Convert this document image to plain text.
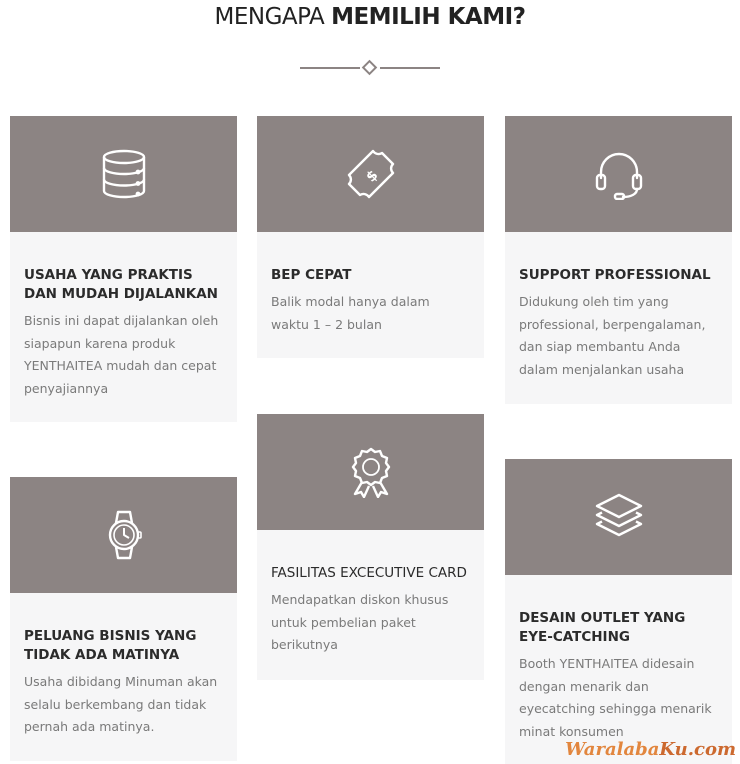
MENGAPA MEMILIH KAMI?
USAHA YANG PRAKTIS DAN MUDAH DIJALANKAN
Bisnis ini dapat dijalankan oleh siapapun karena produk YENTHAITEA mudah dan cepat penyajiannya
$
BEP CEPAT
Balik modal hanya dalam waktu 1 – 2 bulan
SUPPORT PROFESSIONAL
Didukung oleh tim yang professional, berpengalaman, dan siap membantu Anda dalam menjalankan usaha
PELUANG BISNIS YANG TIDAK ADA MATINYA
Usaha dibidang Minuman akan selalu berkembang dan tidak pernah ada matinya.
FASILITAS EXCECUTIVE CARD
Mendapatkan diskon khusus untuk pembelian paket berikutnya
DESAIN OUTLET YANG EYE-CATCHING
Booth YENTHAITEA didesain dengan menarik dan eyecatching sehingga menarik minat konsumen
WaralabaKu.com
